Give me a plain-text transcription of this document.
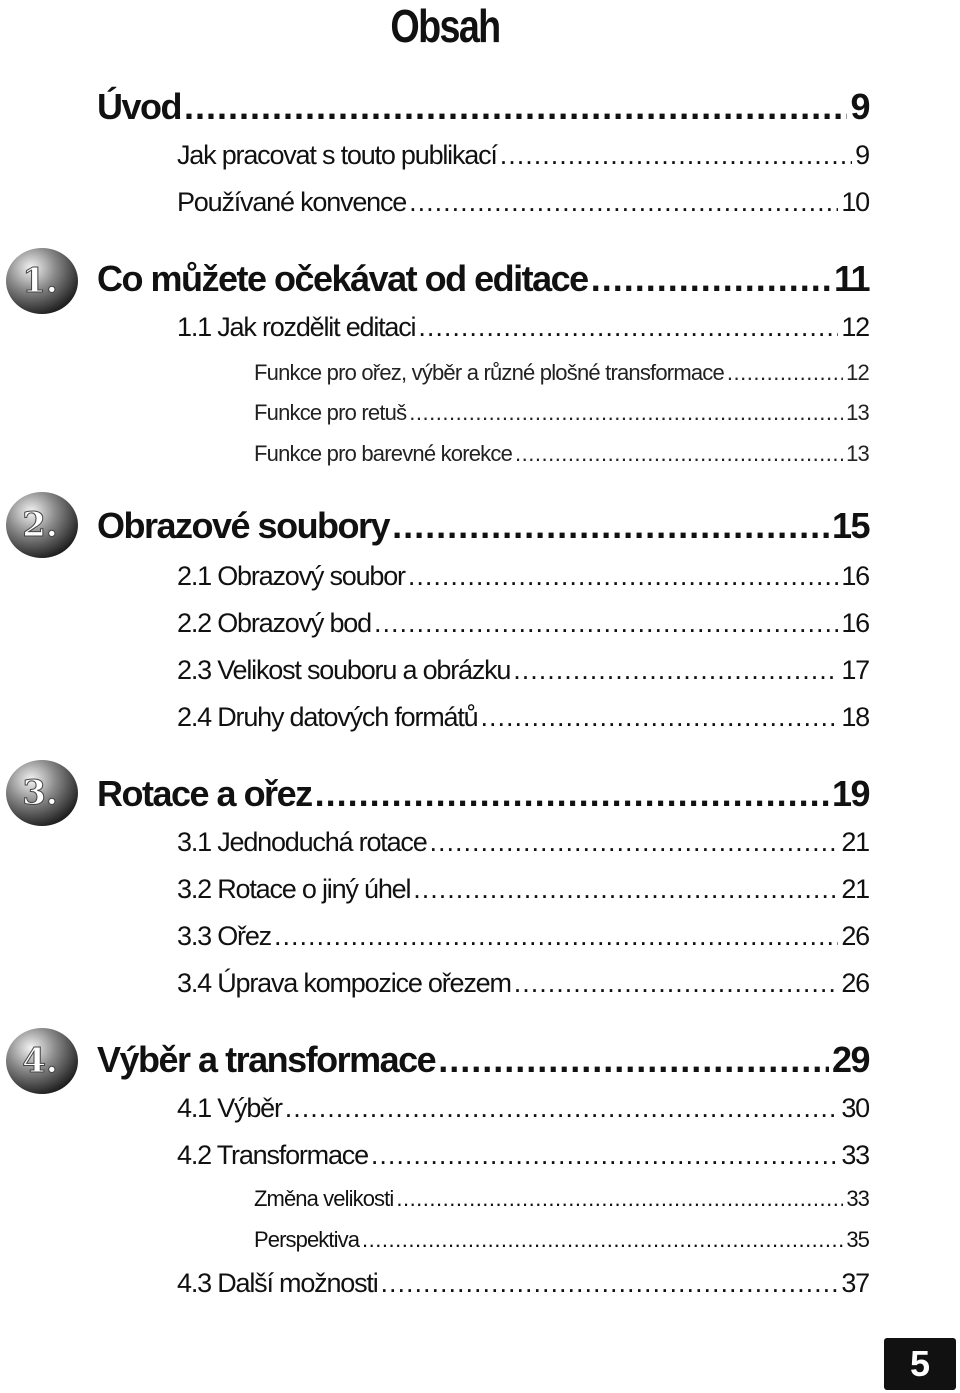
Obsah
Úvod .....	9
Jak pracovat s touto publikací .....	9
Používané konvence .....	10
1. Co můžete očekávat od editace .....	11
1.1 Jak rozdělit editaci .....	12
Funkce pro ořez, výběr a různé plošné transformace .....	12
Funkce pro retuš .....	13
Funkce pro barevné korekce .....	13
2. Obrazové soubory .....	15
2.1 Obrazový soubor .....	16
2.2 Obrazový bod .....	16
2.3 Velikost souboru a obrázku .....	17
2.4 Druhy datových formátů .....	18
3. Rotace a ořez .....	19
3.1 Jednoduchá rotace .....	21
3.2 Rotace o jiný úhel .....	21
3.3 Ořez .....	26
3.4 Úprava kompozice ořezem .....	26
4. Výběr a transformace .....	29
4.1 Výběr .....	30
4.2 Transformace .....	33
Změna velikosti .....	33
Perspektiva .....	35
4.3 Další možnosti .....	37
5
